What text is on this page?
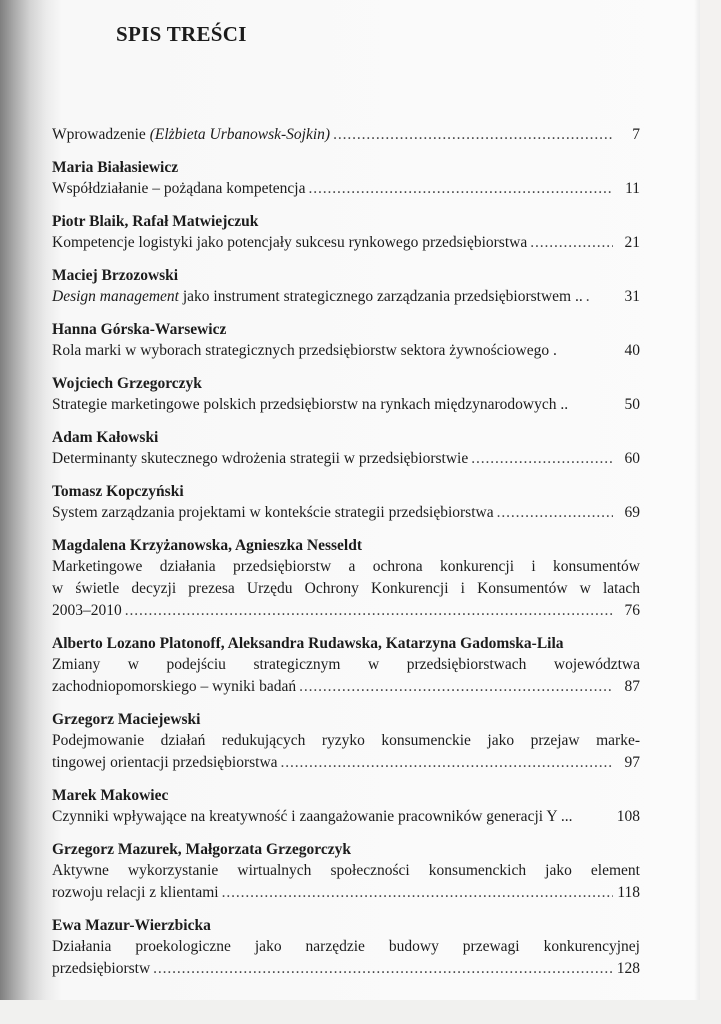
SPIS TREŚCI
Wprowadzenie (Elżbieta Urbanowsk-Sojkin) . . .	7
Maria Białasiewicz
Współdziałanie – pożądana kompetencja . . .	11
Piotr Blaik, Rafał Matwiejczuk
Kompetencje logistyki jako potencjały sukcesu rynkowego przedsiębiorstwa . . .	21
Maciej Brzozowski
Design management jako instrument strategicznego zarządzania przedsiębiorstwem .. . . .	31
Hanna Górska-Warsewicz
Rola marki w wyborach strategicznych przedsiębiorstw sektora żywnościowego .	40
Wojciech Grzegorczyk
Strategie marketingowe polskich przedsiębiorstw na rynkach międzynarodowych ..	50
Adam Kałowski
Determinanty skutecznego wdrożenia strategii w przedsiębiorstwie . . .	60
Tomasz Kopczyński
System zarządzania projektami w kontekście strategii przedsiębiorstwa . . .	69
Magdalena Krzyżanowska, Agnieszka Nesseldt
Marketingowe działania przedsiębiorstw a ochrona konkurencji i konsumentów
w świetle decyzji prezesa Urzędu Ochrony Konkurencji i Konsumentów w latach
2003–2010 . . .	76
Alberto Lozano Platonoff, Aleksandra Rudawska, Katarzyna Gadomska-Lila
Zmiany w podejściu strategicznym w przedsiębiorstwach województwa
zachodniopomorskiego – wyniki badań . . .	87
Grzegorz Maciejewski
Podejmowanie działań redukujących ryzyko konsumenckie jako przejaw marke-
tingowej orientacji przedsiębiorstwa . . .	97
Marek Makowiec
Czynniki wpływające na kreatywność i zaangażowanie pracowników generacji Y ...	108
Grzegorz Mazurek, Małgorzata Grzegorczyk
Aktywne wykorzystanie wirtualnych społeczności konsumenckich jako element
rozwoju relacji z klientami . . .	118
Ewa Mazur-Wierzbicka
Działania proekologiczne jako narzędzie budowy przewagi konkurencyjnej
przedsiębiorstw . . .	128
